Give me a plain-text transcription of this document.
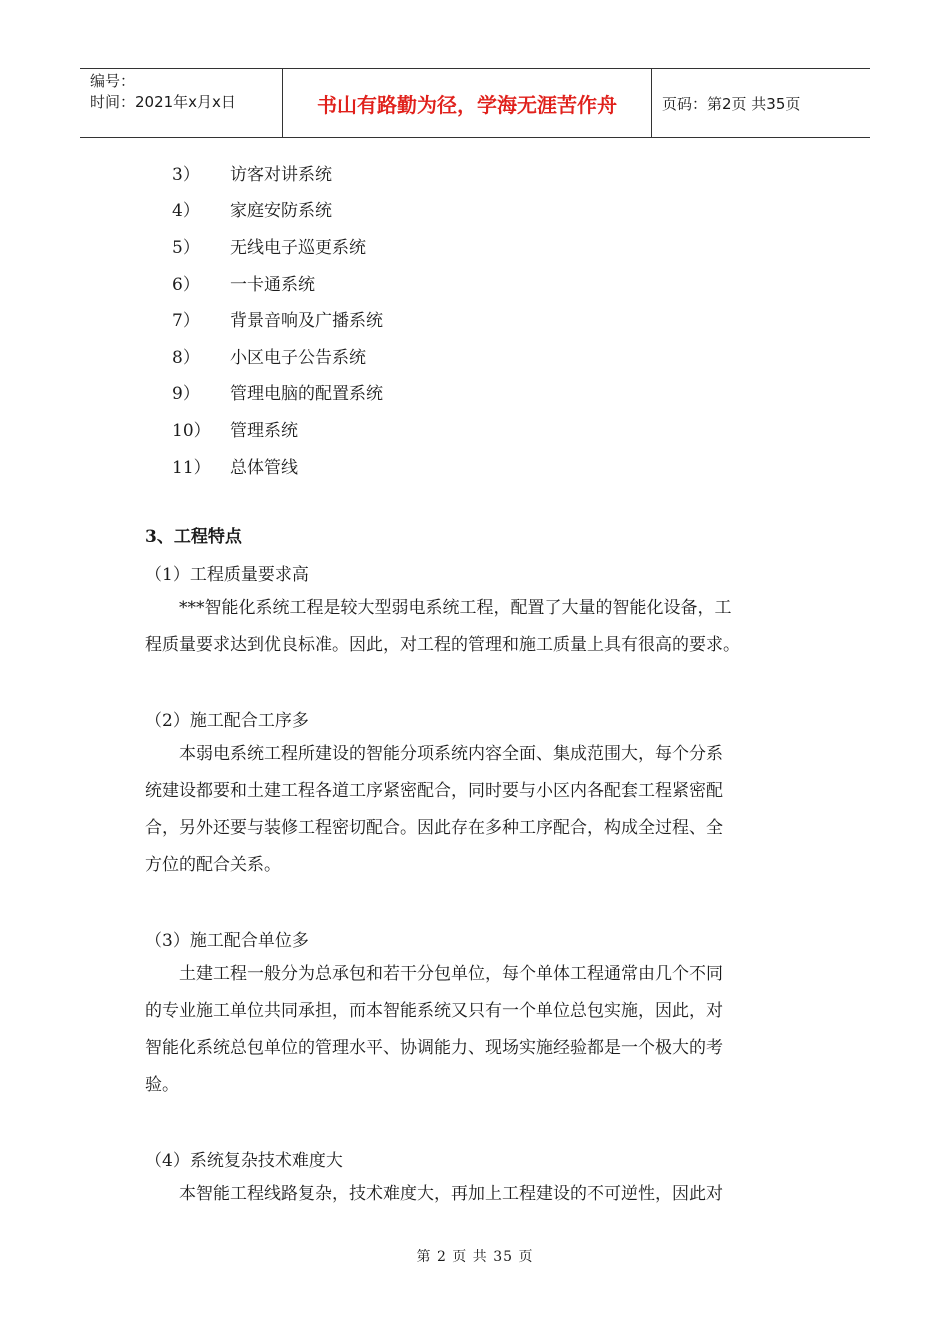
编号：
时间：2021年x月x日	书山有路勤为径，学海无涯苦作舟	页码：第2页 共35页
3）	访客对讲系统
4）	家庭安防系统
5）	无线电子巡更系统
6）	一卡通系统
7）	背景音响及广播系统
8）	小区电子公告系统
9）	管理电脑的配置系统
10）	管理系统
11）	总体管线
3、工程特点
（1）工程质量要求高
　　***智能化系统工程是较大型弱电系统工程，配置了大量的智能化设备，工
程质量要求达到优良标准。因此，对工程的管理和施工质量上具有很高的要求。
（2）施工配合工序多
　　本弱电系统工程所建设的智能分项系统内容全面、集成范围大，每个分系
统建设都要和土建工程各道工序紧密配合，同时要与小区内各配套工程紧密配
合，另外还要与装修工程密切配合。因此存在多种工序配合，构成全过程、全
方位的配合关系。
（3）施工配合单位多
　　土建工程一般分为总承包和若干分包单位，每个单体工程通常由几个不同
的专业施工单位共同承担，而本智能系统又只有一个单位总包实施，因此，对
智能化系统总包单位的管理水平、协调能力、现场实施经验都是一个极大的考
验。
（4）系统复杂技术难度大
　　本智能工程线路复杂，技术难度大，再加上工程建设的不可逆性，因此对
第 2 页 共 35 页
